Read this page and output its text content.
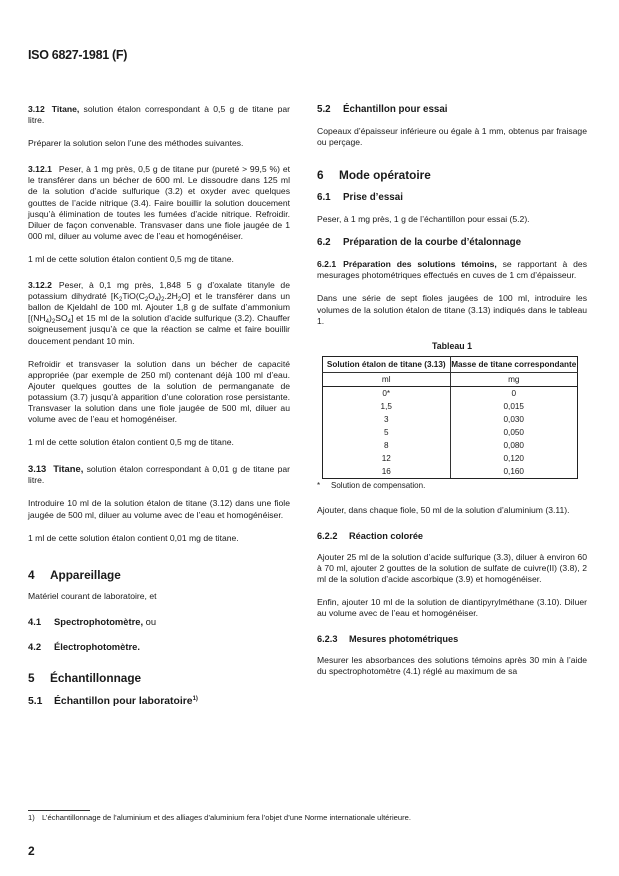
ISO 6827-1981 (F)

3.12 Titane, solution étalon correspondant à 0,5 g de titane par litre.

Préparer la solution selon l’une des méthodes suivantes.

3.12.1 Peser, à 1 mg près, 0,5 g de titane pur (pureté > 99,5 %) et le transférer dans un bécher de 600 ml. Le dissoudre dans 125 ml de la solution d’acide sulfurique (3.2) et oxyder avec quelques gouttes de l’acide nitrique (3.4). Faire bouillir la solution doucement jusqu’à élimination de toutes les fumées d’acide nitrique. Refroidir. Diluer de façon convenable. Transvaser dans une fiole jaugée de 1 000 ml, diluer au volume avec de l’eau et homogénéiser.

1 ml de cette solution étalon contient 0,5 mg de titane.

3.12.2 Peser, à 0,1 mg près, 1,848 5 g d’oxalate titanyle de potassium dihydraté $[K_2TiO(C_2O_4)_2.2H_2O]$ et le transférer dans un ballon de Kjeldahl de 100 ml. Ajouter 1,8 g de sulfate d’ammonium $[(NH_4)_2SO_4]$ et 15 ml de la solution d’acide sulfurique (3.2). Chauffer soigneusement jusqu’à ce que la réaction se calme et faire bouillir doucement pendant 10 min.

Refroidir et transvaser la solution dans un bécher de capacité appropriée (par exemple de 250 ml) contenant déjà 100 ml d’eau. Ajouter quelques gouttes de la solution de permanganate de potassium (3.7) jusqu’à apparition d’une coloration rose persistante. Transvaser la solution dans une fiole jaugée de 500 ml, diluer au volume avec de l’eau et homogénéiser.

1 ml de cette solution étalon contient 0,5 mg de titane.

3.13 Titane, solution étalon correspondant à 0,01 g de titane par litre.

Introduire 10 ml de la solution étalon de titane (3.12) dans une fiole jaugée de 500 ml, diluer au volume avec de l’eau et homogénéiser.

1 ml de cette solution étalon contient 0,01 mg de titane.

4 Appareillage

Matériel courant de laboratoire, et

4.1 Spectrophotomètre, ou
4.2 Électrophotomètre.
5 Échantillonnage
5.1 Échantillon pour laboratoire$^{1)}$
5.2 Échantillon pour essai

Copeaux d’épaisseur inférieure ou égale à 1 mm, obtenus par fraisage ou perçage.

6 Mode opératoire
6.1 Prise d’essai

Peser, à 1 mg près, 1 g de l’échantillon pour essai (5.2).

6.2 Préparation de la courbe d’étalonnage

6.2.1 Préparation des solutions témoins, se rapportant à des mesurages photométriques effectués en cuves de 1 cm d’épaisseur.

Dans une série de sept fioles jaugées de 100 ml, introduire les volumes de la solution étalon de titane (3.13) indiqués dans le tableau 1.

Tableau 1
Solution étalon de titane (3.13)	Masse de titane correspondante
ml	mg
0*	0
1,5	0,015
3	0,030
5	0,050
8	0,080
12	0,120
16	0,160
* Solution de compensation.

Ajouter, dans chaque fiole, 50 ml de la solution d’aluminium (3.11).

6.2.2 Réaction colorée

Ajouter 25 ml de la solution d’acide sulfurique (3.3), diluer à environ 60 à 70 ml, ajouter 2 gouttes de la solution de sulfate de cuivre(II) (3.8), 2 ml de la solution d’acide ascorbique (3.9) et homogénéiser.

Enfin, ajouter 10 ml de la solution de diantipyrylméthane (3.10). Diluer au volume avec de l’eau et homogénéiser.

6.2.3 Mesures photométriques

Mesurer les absorbances des solutions témoins après 30 min à l’aide du spectrophotomètre (4.1) réglé au maximum de sa

1) L’échantillonnage de l’aluminium et des alliages d’aluminium fera l’objet d’une Norme internationale ultérieure.
2
